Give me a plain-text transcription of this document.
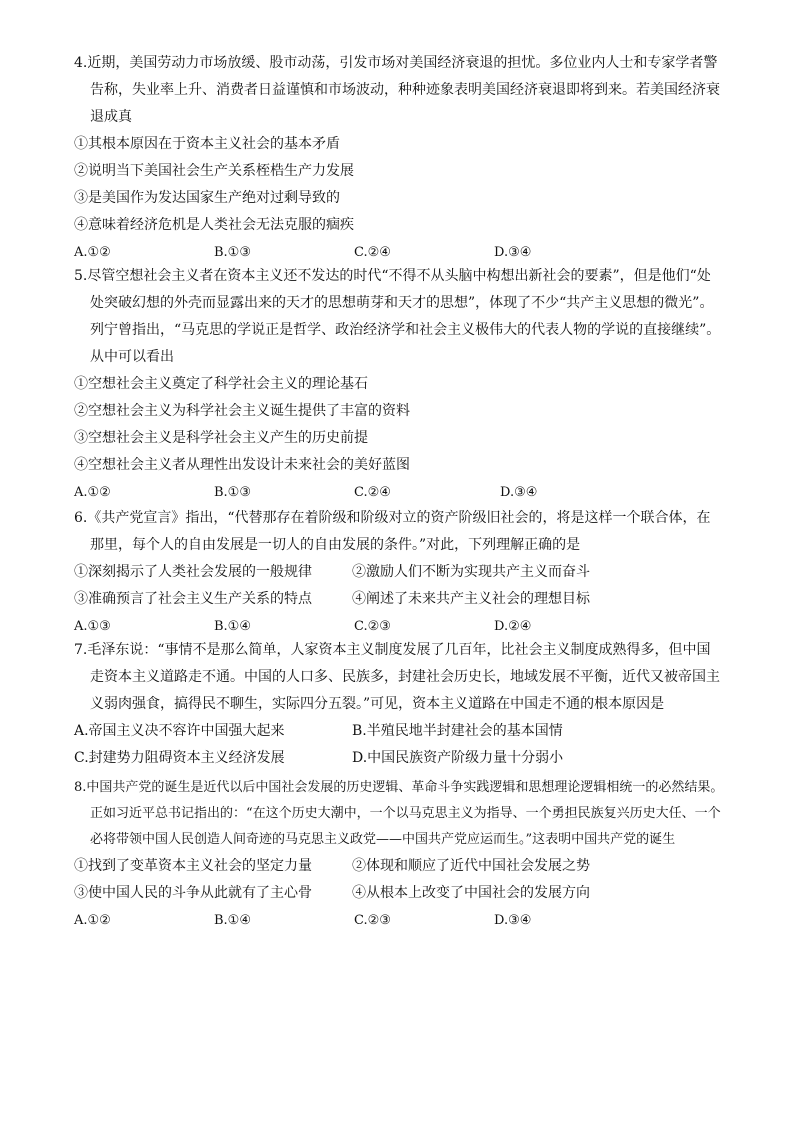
4.近期，美国劳动力市场放缓、股市动荡，引发市场对美国经济衰退的担忧。多位业内人士和专家学者警告称，失业率上升、消费者日益谨慎和市场波动，种种迹象表明美国经济衰退即将到来。若美国经济衰退成真
①其根本原因在于资本主义社会的基本矛盾
②说明当下美国社会生产关系桎梏生产力发展
③是美国作为发达国家生产绝对过剩导致的
④意味着经济危机是人类社会无法克服的痼疾
A.①②	B.①③	C.②④	D.③④
5.尽管空想社会主义者在资本主义还不发达的时代“不得不从头脑中构想出新社会的要素”，但是他们“处处突破幻想的外壳而显露出来的天才的思想萌芽和天才的思想”，体现了不少“共产主义思想的微光”。列宁曾指出，“马克思的学说正是哲学、政治经济学和社会主义极伟大的代表人物的学说的直接继续”。从中可以看出
①空想社会主义奠定了科学社会主义的理论基石
②空想社会主义为科学社会主义诞生提供了丰富的资料
③空想社会主义是科学社会主义产生的历史前提
④空想社会主义者从理性出发设计未来社会的美好蓝图
A.①②	B.①③	C.②④	D.③④
6.《共产党宣言》指出，“代替那存在着阶级和阶级对立的资产阶级旧社会的，将是这样一个联合体，在那里，每个人的自由发展是一切人的自由发展的条件。”对此，下列理解正确的是
①深刻揭示了人类社会发展的一般规律	②激励人们不断为实现共产主义而奋斗
③准确预言了社会主义生产关系的特点	④阐述了未来共产主义社会的理想目标
A.①③	B.①④	C.②③	D.②④
7.毛泽东说：“事情不是那么简单，人家资本主义制度发展了几百年，比社会主义制度成熟得多，但中国走资本主义道路走不通。中国的人口多、民族多，封建社会历史长，地域发展不平衡，近代又被帝国主义弱肉强食，搞得民不聊生，实际四分五裂。”可见，资本主义道路在中国走不通的根本原因是
A.帝国主义决不容许中国强大起来	B.半殖民地半封建社会的基本国情
C.封建势力阻碍资本主义经济发展	D.中国民族资产阶级力量十分弱小
8.中国共产党的诞生是近代以后中国社会发展的历史逻辑、革命斗争实践逻辑和思想理论逻辑相统一的必然结果。正如习近平总书记指出的：“在这个历史大潮中，一个以马克思主义为指导、一个勇担民族复兴历史大任、一个必将带领中国人民创造人间奇迹的马克思主义政党——中国共产党应运而生。”这表明中国共产党的诞生
①找到了变革资本主义社会的坚定力量	②体现和顺应了近代中国社会发展之势
③使中国人民的斗争从此就有了主心骨	④从根本上改变了中国社会的发展方向
A.①②	B.①④	C.②③	D.③④
